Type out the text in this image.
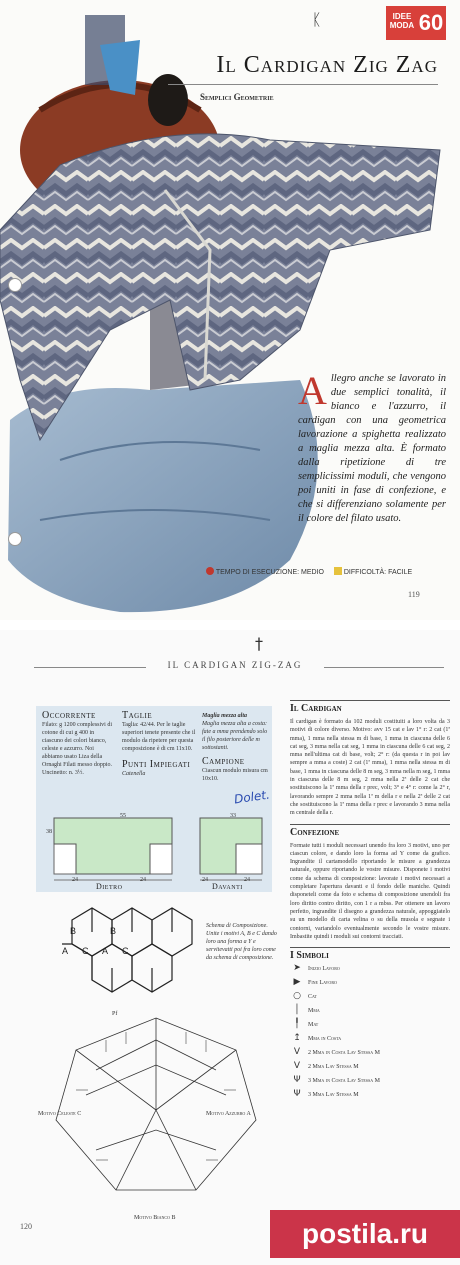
IDEE MODA 60
ᛕ
Il Cardigan Zig Zag
Semplici Geometrie
Allegro anche se lavorato in due semplici tonalità, il bianco e l'azzurro, il cardigan con una geometrica lavorazione a spighetta realizzato a maglia mezza alta. È formato dalla ripetizione di tre semplicissimi moduli, che vengono poi uniti in fase di confezione, e che si differenziano solamente per il colore del filato usato.
TEMPO DI ESECUZIONE: MEDIO	DIFFICOLTÀ: FACILE
119
†
IL CARDIGAN ZIG-ZAG
Occorrente
Filato: g 1200 complessivi di cotone di cui g 400 in ciascuno dei colori bianco, celeste e azzurro. Noi abbiamo usato Liza della Ornaghi Filati messo doppio. Uncinetto: n. 3½.
Taglie
Taglia: 42/44. Per le taglie superiori tenete presente che il modulo da ripetere per questa composizione è di cm 11x10.
Punti Impiegati
Catenella
Maglia mezza alta
Maglia mezza alta a costa: fate a mma prendendo solo il filo posteriore delle m sottostanti.
Campione
Ciascun modulo misura cm 10x10.
Dolet.
55
38
24	24
Dietro
33
24	24
Davanti
B
A C
B
A C
Schema di Composizione. Unite i motivi A, B e C dando loro una forma a Y e servitevatti poi fra loro come da schema di composizione.
Motivo Celeste C	Motivo Azzurro A
Motivo Bianco B
Pf
Il Cardigan
Il cardigan è formato da 102 moduli costituiti a loro volta da 3 motivi di colore diverso. Motivo: avv 15 cat e lav 1° r: 2 cat (1ª mma), 1 mma nella stessa m di base, 1 mma in ciascuna delle 6 cat seg, 3 mma nella cat seg, 1 mma in ciascuna delle 6 cat seg, 2 mma nell'ultima cat di base, volt; 2° r: (da questa r in poi lav sempre a mma a coste) 2 cat (1ª mma), 1 mma nella stessa m di base, 1 mma in ciascuna delle 8 m seg, 3 mma nella m seg, 1 mma in ciascuna delle 8 m seg, 2 mma nella 2ª delle 2 cat che sostituiscono la 1ª mma della r prec, volt; 3° e 4° r: come la 2° r, lavorando sempre 2 mma nella 1ª m della r e nella 2ª delle 2 cat che sostituiscono la 1ª mma della r prec e lavorando 3 mma nella m centrale della r.
Confezione
Formate tutti i moduli necessari unendo fra loro 3 motivi, uno per ciascun colore, e dando loro la forma ad Y come da grafico. Ingrandite il cartamodello riportando le misure a grandezza naturale, oppure riportando le vostre misure. Disponete i motivi come da schema di composizione: lavorate i motivi necessari a completare l'apertura davanti e il fondo delle maniche. Quindi disponeteli come da foto e schema di composizione unendoli fra loro diritto contro diritto, con 1 r a mbss. Per ottenere un lavoro perfetto, ingrandite il disegno a grandezza naturale, appoggiatelo su un modello di carta velina o su della musola e segnate i contorni, variandolo eventualmente secondo le vostre misure. Imbastite quindi i moduli sui contorni tracciati.
I Simboli
➤ Inizio Lavoro
▶ Fine Lavoro
○ Cat
│ Mma
╿ Mat
↥ Mma in Costa
V 2 Mma in Costa Lav Stessa M
V 2 Mma Lav Stessa M
Ψ 3 Mma in Costa Lav Stessa M
Ψ 3 Mma Lav Stessa M
120	postila.ru
